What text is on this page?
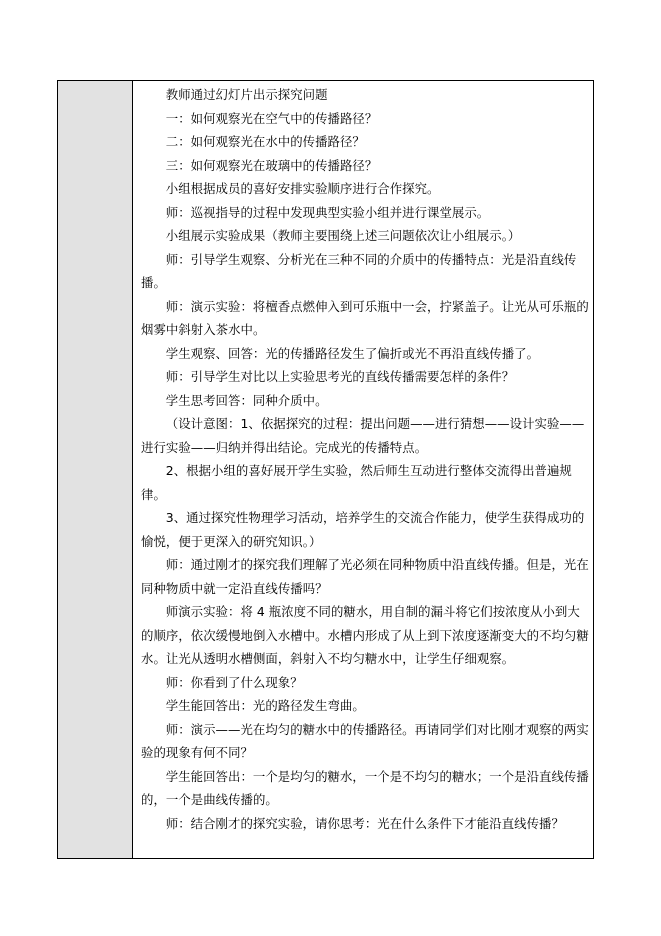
教师通过幻灯片出示探究问题

一：如何观察光在空气中的传播路径？

二：如何观察光在水中的传播路径？

三：如何观察光在玻璃中的传播路径？

小组根据成员的喜好安排实验顺序进行合作探究。

师：巡视指导的过程中发现典型实验小组并进行课堂展示。

小组展示实验成果（教师主要围绕上述三问题依次让小组展示。）

师：引导学生观察、分析光在三种不同的介质中的传播特点：光是沿直线传播。

师：演示实验：将檀香点燃伸入到可乐瓶中一会，拧紧盖子。让光从可乐瓶的烟雾中斜射入茶水中。

学生观察、回答：光的传播路径发生了偏折或光不再沿直线传播了。

师：引导学生对比以上实验思考光的直线传播需要怎样的条件？

学生思考回答：同种介质中。

（设计意图：1、依据探究的过程：提出问题——进行猜想——设计实验——进行实验——归纳并得出结论。完成光的传播特点。

2、根据小组的喜好展开学生实验，然后师生互动进行整体交流得出普遍规律。

3、通过探究性物理学习活动，培养学生的交流合作能力，使学生获得成功的愉悦，便于更深入的研究知识。）

师：通过刚才的探究我们理解了光必须在同种物质中沿直线传播。但是，光在同种物质中就一定沿直线传播吗？

师演示实验：将 4 瓶浓度不同的糖水，用自制的漏斗将它们按浓度从小到大的顺序，依次缓慢地倒入水槽中。水槽内形成了从上到下浓度逐渐变大的不均匀糖水。让光从透明水槽侧面，斜射入不均匀糖水中，让学生仔细观察。

师：你看到了什么现象？

学生能回答出：光的路径发生弯曲。

师：演示——光在均匀的糖水中的传播路径。再请同学们对比刚才观察的两实验的现象有何不同？

学生能回答出：一个是均匀的糖水，一个是不均匀的糖水；一个是沿直线传播的，一个是曲线传播的。

师：结合刚才的探究实验，请你思考：光在什么条件下才能沿直线传播？
